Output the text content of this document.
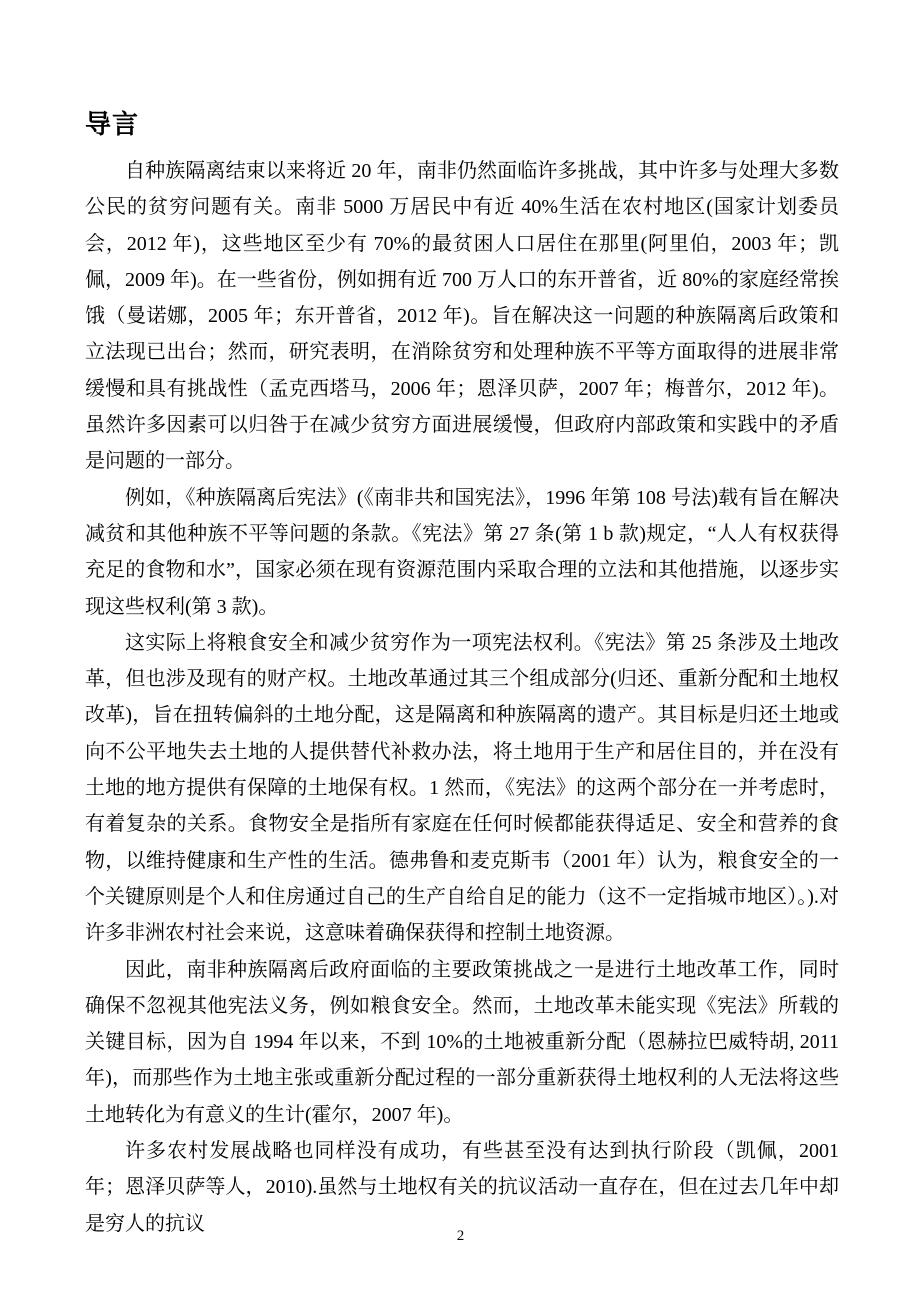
导言

自种族隔离结束以来将近 20 年，南非仍然面临许多挑战，其中许多与处理大多数公民的贫穷问题有关。南非 5000 万居民中有近 40%生活在农村地区(国家计划委员会，2012 年)，这些地区至少有 70%的最贫困人口居住在那里(阿里伯，2003 年；凯佩，2009 年)。在一些省份，例如拥有近 700 万人口的东开普省，近 80%的家庭经常挨饿（曼诺娜，2005 年；东开普省，2012 年)。旨在解决这一问题的种族隔离后政策和立法现已出台；然而，研究表明，在消除贫穷和处理种族不平等方面取得的进展非常缓慢和具有挑战性（孟克西塔马，2006 年；恩泽贝萨，2007 年；梅普尔，2012 年)。虽然许多因素可以归咎于在减少贫穷方面进展缓慢，但政府内部政策和实践中的矛盾是问题的一部分。

例如，《种族隔离后宪法》(《南非共和国宪法》，1996 年第 108 号法)载有旨在解决减贫和其他种族不平等问题的条款。《宪法》第 27 条(第 1 b 款)规定，“人人有权获得充足的食物和水”，国家必须在现有资源范围内采取合理的立法和其他措施，以逐步实现这些权利(第 3 款)。

这实际上将粮食安全和减少贫穷作为一项宪法权利。《宪法》第 25 条涉及土地改革，但也涉及现有的财产权。土地改革通过其三个组成部分(归还、重新分配和土地权改革)，旨在扭转偏斜的土地分配，这是隔离和种族隔离的遗产。其目标是归还土地或向不公平地失去土地的人提供替代补救办法，将土地用于生产和居住目的，并在没有土地的地方提供有保障的土地保有权。1 然而，《宪法》的这两个部分在一并考虑时，有着复杂的关系。食物安全是指所有家庭在任何时候都能获得适足、安全和营养的食物，以维持健康和生产性的生活。德弗鲁和麦克斯韦（2001 年）认为，粮食安全的一个关键原则是个人和住房通过自己的生产自给自足的能力（这不一定指城市地区）。).对许多非洲农村社会来说，这意味着确保获得和控制土地资源。

因此，南非种族隔离后政府面临的主要政策挑战之一是进行土地改革工作，同时确保不忽视其他宪法义务，例如粮食安全。然而，土地改革未能实现《宪法》所载的关键目标，因为自 1994 年以来，不到 10%的土地被重新分配（恩赫拉巴威特胡, 2011 年)，而那些作为土地主张或重新分配过程的一部分重新获得土地权利的人无法将这些土地转化为有意义的生计(霍尔，2007 年)。

许多农村发展战略也同样没有成功，有些甚至没有达到执行阶段（凯佩，2001 年；恩泽贝萨等人，2010).虽然与土地权有关的抗议活动一直存在，但在过去几年中却是穷人的抗议

2
